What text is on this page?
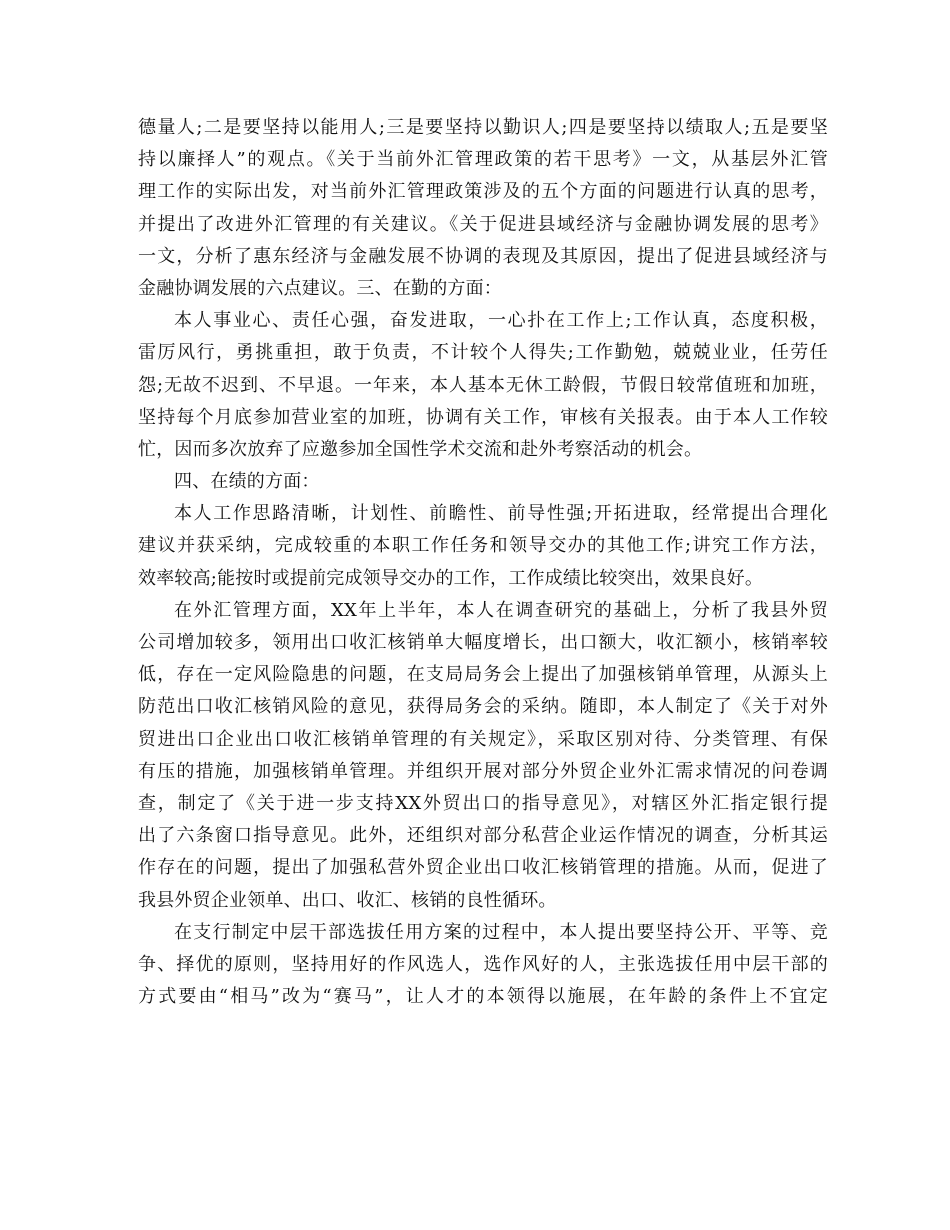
德量人;二是要坚持以能用人;三是要坚持以勤识人;四是要坚持以绩取人;五是要坚
持以廉择人”的观点。《关于当前外汇管理政策的若干思考》一文，从基层外汇管
理工作的实际出发，对当前外汇管理政策涉及的五个方面的问题进行认真的思考，
并提出了改进外汇管理的有关建议。《关于促进县域经济与金融协调发展的思考》
一文，分析了惠东经济与金融发展不协调的表现及其原因，提出了促进县域经济与
金融协调发展的六点建议。三、在勤的方面：
本人事业心、责任心强，奋发进取，一心扑在工作上;工作认真，态度积极，
雷厉风行，勇挑重担，敢于负责，不计较个人得失;工作勤勉，兢兢业业，任劳任
怨;无故不迟到、不早退。一年来，本人基本无休工龄假，节假日较常值班和加班，
坚持每个月底参加营业室的加班，协调有关工作，审核有关报表。由于本人工作较
忙，因而多次放弃了应邀参加全国性学术交流和赴外考察活动的机会。
四、在绩的方面：
本人工作思路清晰，计划性、前瞻性、前导性强;开拓进取，经常提出合理化
建议并获采纳，完成较重的本职工作任务和领导交办的其他工作;讲究工作方法，
效率较高;能按时或提前完成领导交办的工作，工作成绩比较突出，效果良好。
在外汇管理方面，XX年上半年，本人在调查研究的基础上，分析了我县外贸
公司增加较多，领用出口收汇核销单大幅度增长，出口额大，收汇额小，核销率较
低，存在一定风险隐患的问题，在支局局务会上提出了加强核销单管理，从源头上
防范出口收汇核销风险的意见，获得局务会的采纳。随即，本人制定了《关于对外
贸进出口企业出口收汇核销单管理的有关规定》，采取区别对待、分类管理、有保
有压的措施，加强核销单管理。并组织开展对部分外贸企业外汇需求情况的问卷调
查，制定了《关于进一步支持XX外贸出口的指导意见》，对辖区外汇指定银行提
出了六条窗口指导意见。此外，还组织对部分私营企业运作情况的调查，分析其运
作存在的问题，提出了加强私营外贸企业出口收汇核销管理的措施。从而，促进了
我县外贸企业领单、出口、收汇、核销的良性循环。
在支行制定中层干部选拔任用方案的过程中，本人提出要坚持公开、平等、竞
争、择优的原则，坚持用好的作风选人，选作风好的人，主张选拔任用中层干部的
方式要由“相马”改为“赛马”，让人才的本领得以施展，在年龄的条件上不宜定
